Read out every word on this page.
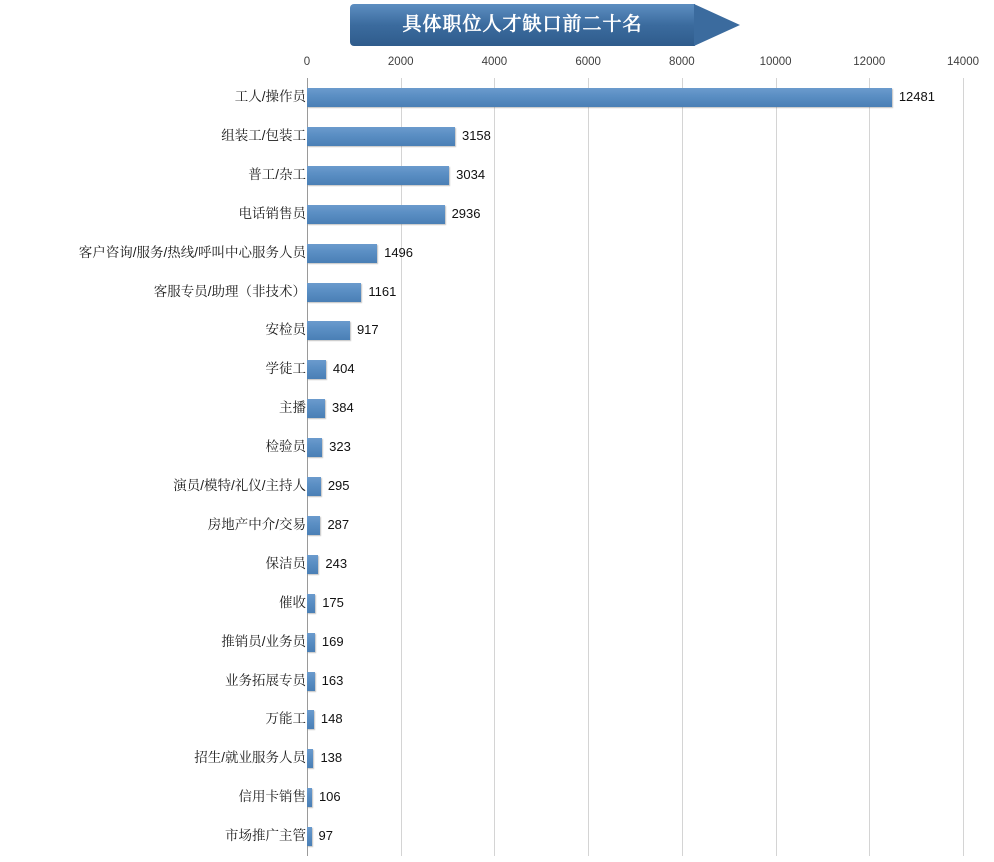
具体职位人才缺口前二十名
0	2000	4000	6000	8000	10000	12000	14000
工人/操作员	12481
组装工/包装工	3158
普工/杂工	3034
电话销售员	2936
客户咨询/服务/热线/呼叫中心服务人员	1496
客服专员/助理（非技术）	1161
安检员	917
学徒工 404
主播 384
检验员 323
演员/模特/礼仪/主持人 295
房地产中介/交易 287
保洁员 243
催收 175
推销员/业务员 169
业务拓展专员 163
万能工 148
招生/就业服务人员 138
信用卡销售 106
市场推广主管 97
